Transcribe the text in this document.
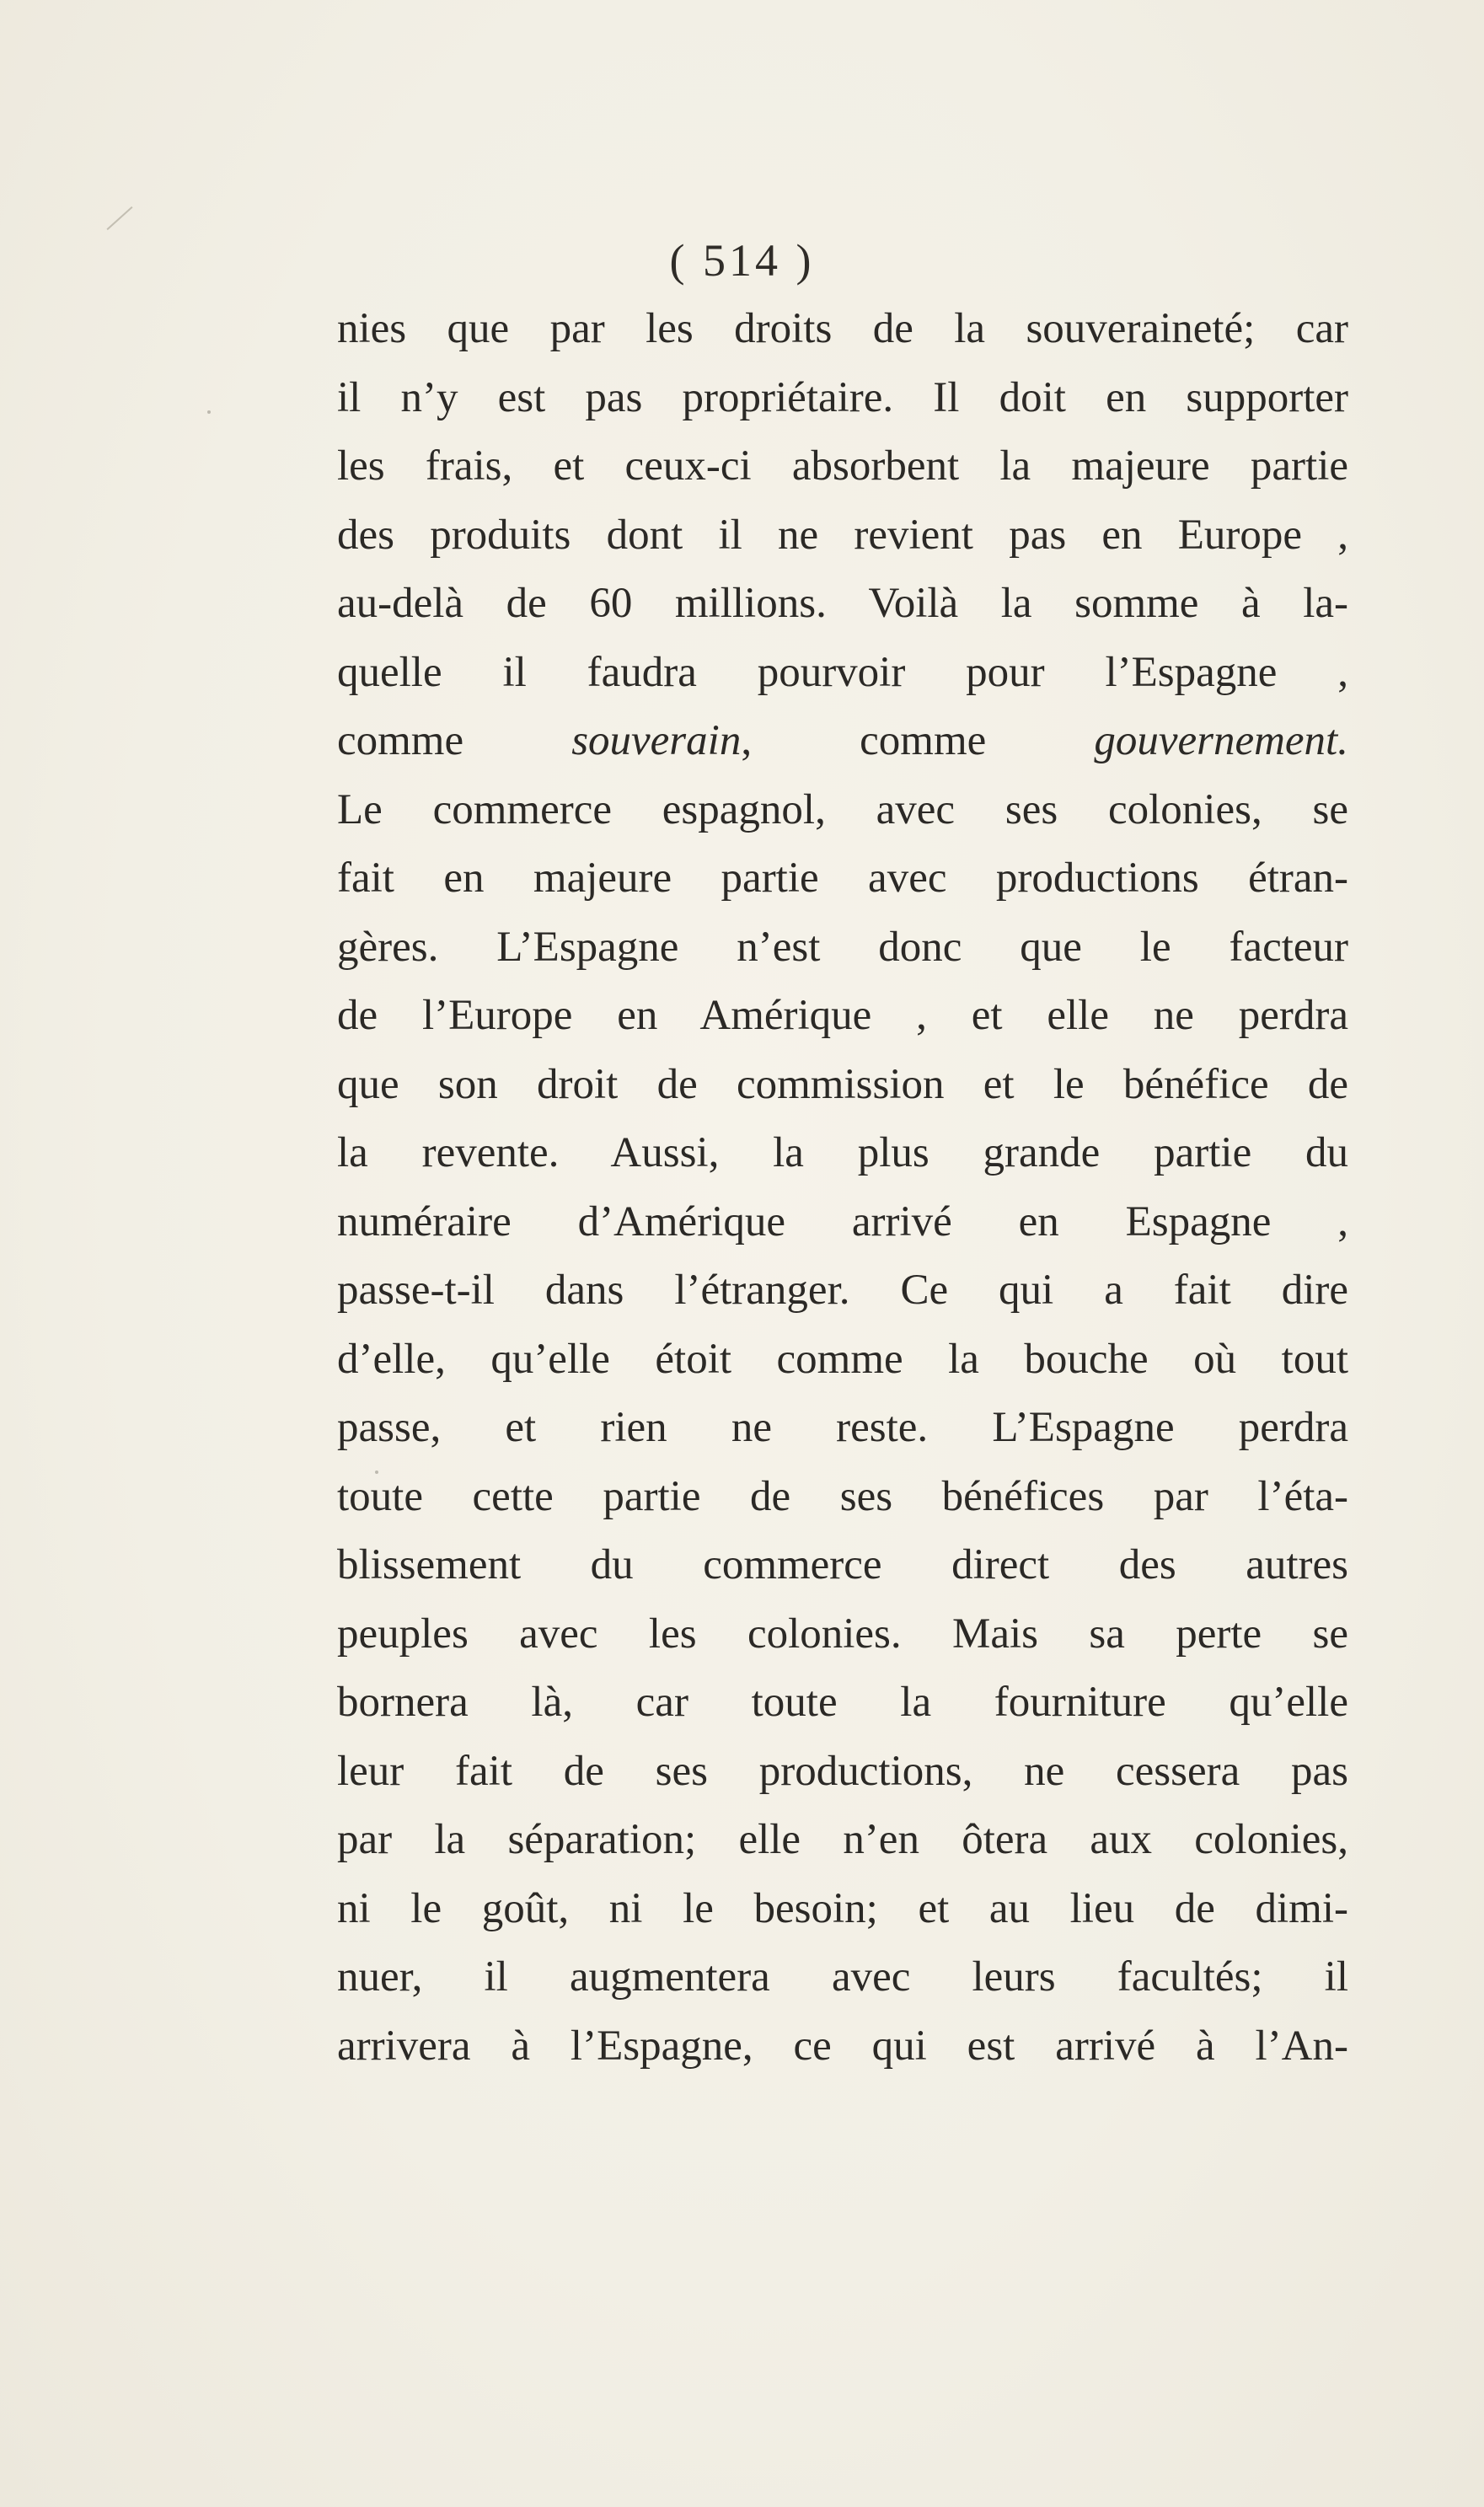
( 514 )
nies que par les droits de la souveraineté; car
il n’y est pas propriétaire. Il doit en supporter
les frais, et ceux-ci absorbent la majeure partie
des produits dont il ne revient pas en Europe ,
au-delà de 60 millions. Voilà la somme à la-
quelle il faudra pourvoir pour l’Espagne ,
comme souverain, comme gouvernement.
Le commerce espagnol, avec ses colonies, se
fait en majeure partie avec productions étran-
gères. L’Espagne n’est donc que le facteur
de l’Europe en Amérique , et elle ne perdra
que son droit de commission et le bénéfice de
la revente. Aussi, la plus grande partie du
numéraire d’Amérique arrivé en Espagne ,
passe-t-il dans l’étranger. Ce qui a fait dire
d’elle, qu’elle étoit comme la bouche où tout
passe, et rien ne reste. L’Espagne perdra
toute cette partie de ses bénéfices par l’éta-
blissement du commerce direct des autres
peuples avec les colonies. Mais sa perte se
bornera là, car toute la fourniture qu’elle
leur fait de ses productions, ne cessera pas
par la séparation; elle n’en ôtera aux colonies,
ni le goût, ni le besoin; et au lieu de dimi-
nuer, il augmentera avec leurs facultés; il
arrivera à l’Espagne, ce qui est arrivé à l’An-
